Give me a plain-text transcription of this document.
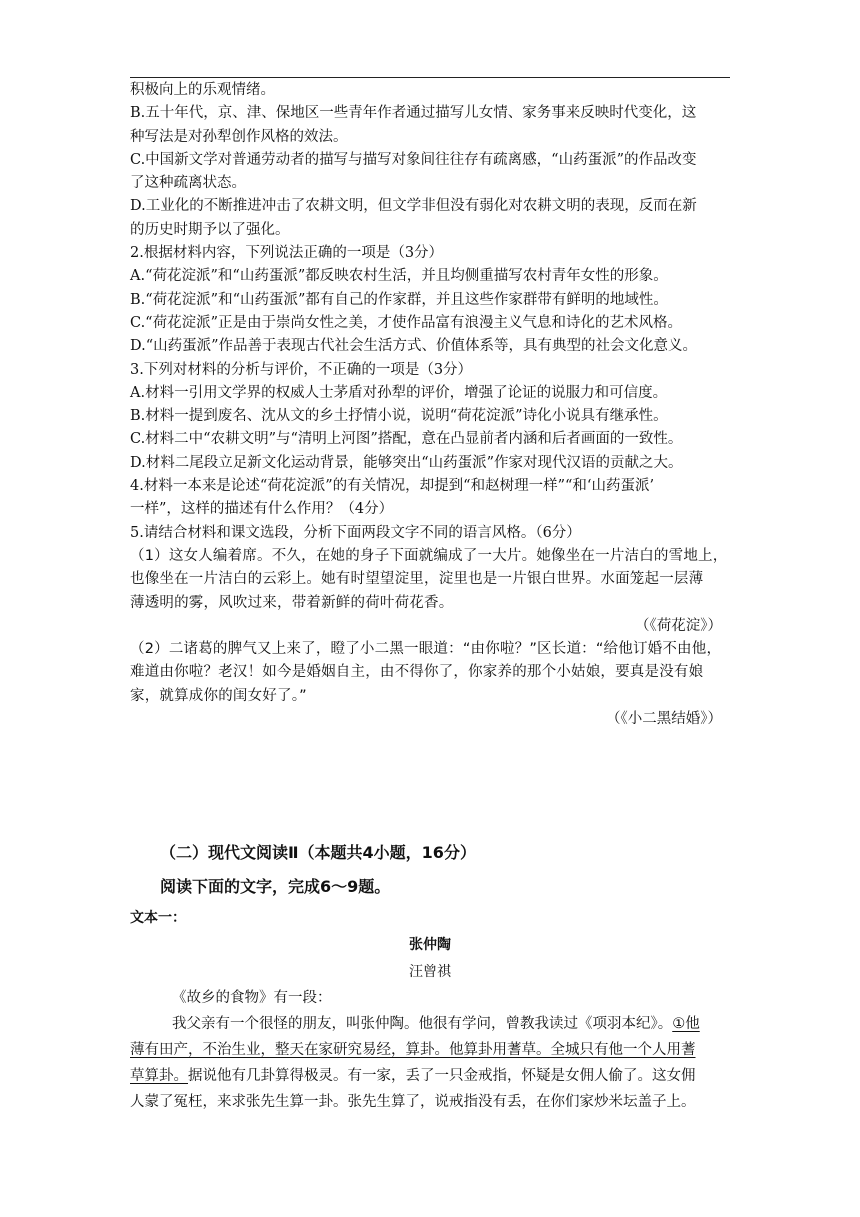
积极向上的乐观情绪。
B.五十年代，京、津、保地区一些青年作者通过描写儿女情、家务事来反映时代变化，这
种写法是对孙犁创作风格的效法。
C.中国新文学对普通劳动者的描写与描写对象间往往存有疏离感，“山药蛋派”的作品改变
了这种疏离状态。
D.工业化的不断推进冲击了农耕文明，但文学非但没有弱化对农耕文明的表现，反而在新
的历史时期予以了强化。
2.根据材料内容，下列说法正确的一项是（3分）
A.“荷花淀派”和“山药蛋派”都反映农村生活，并且均侧重描写农村青年女性的形象。
B.“荷花淀派”和“山药蛋派”都有自己的作家群，并且这些作家群带有鲜明的地域性。
C.“荷花淀派”正是由于崇尚女性之美，才使作品富有浪漫主义气息和诗化的艺术风格。
D.“山药蛋派”作品善于表现古代社会生活方式、价值体系等，具有典型的社会文化意义。
3.下列对材料的分析与评价，不正确的一项是（3分）
A.材料一引用文学界的权威人士茅盾对孙犁的评价，增强了论证的说服力和可信度。
B.材料一提到废名、沈从文的乡土抒情小说，说明“荷花淀派”诗化小说具有继承性。
C.材料二中“农耕文明”与“清明上河图”搭配，意在凸显前者内涵和后者画面的一致性。
D.材料二尾段立足新文化运动背景，能够突出“山药蛋派”作家对现代汉语的贡献之大。
4.材料一本来是论述“荷花淀派”的有关情况，却提到“和赵树理一样”“和‘山药蛋派’
一样”，这样的描述有什么作用？（4分）
5.请结合材料和课文选段，分析下面两段文字不同的语言风格。（6分）
（1）这女人编着席。不久，在她的身子下面就编成了一大片。她像坐在一片洁白的雪地上，
也像坐在一片洁白的云彩上。她有时望望淀里，淀里也是一片银白世界。水面笼起一层薄
薄透明的雾，风吹过来，带着新鲜的荷叶荷花香。
（《荷花淀》）
（2）二诸葛的脾气又上来了，瞪了小二黑一眼道：“由你啦？”区长道：“给他订婚不由他，
难道由你啦？老汉！如今是婚姻自主，由不得你了，你家养的那个小姑娘，要真是没有娘
家，就算成你的闺女好了。”
（《小二黑结婚》）
（二）现代文阅读Ⅱ（本题共4小题，16分）
阅读下面的文字，完成6～9题。
文本一：
张仲陶
汪曾祺
《故乡的食物》有一段：
我父亲有一个很怪的朋友，叫张仲陶。他很有学问，曾教我读过《项羽本纪》。①他
薄有田产，不治生业，整天在家研究易经，算卦。他算卦用蓍草。全城只有他一个人用蓍
草算卦。据说他有几卦算得极灵。有一家，丢了一只金戒指，怀疑是女佣人偷了。这女佣
人蒙了冤枉，来求张先生算一卦。张先生算了，说戒指没有丢，在你们家炒米坛盖子上。
